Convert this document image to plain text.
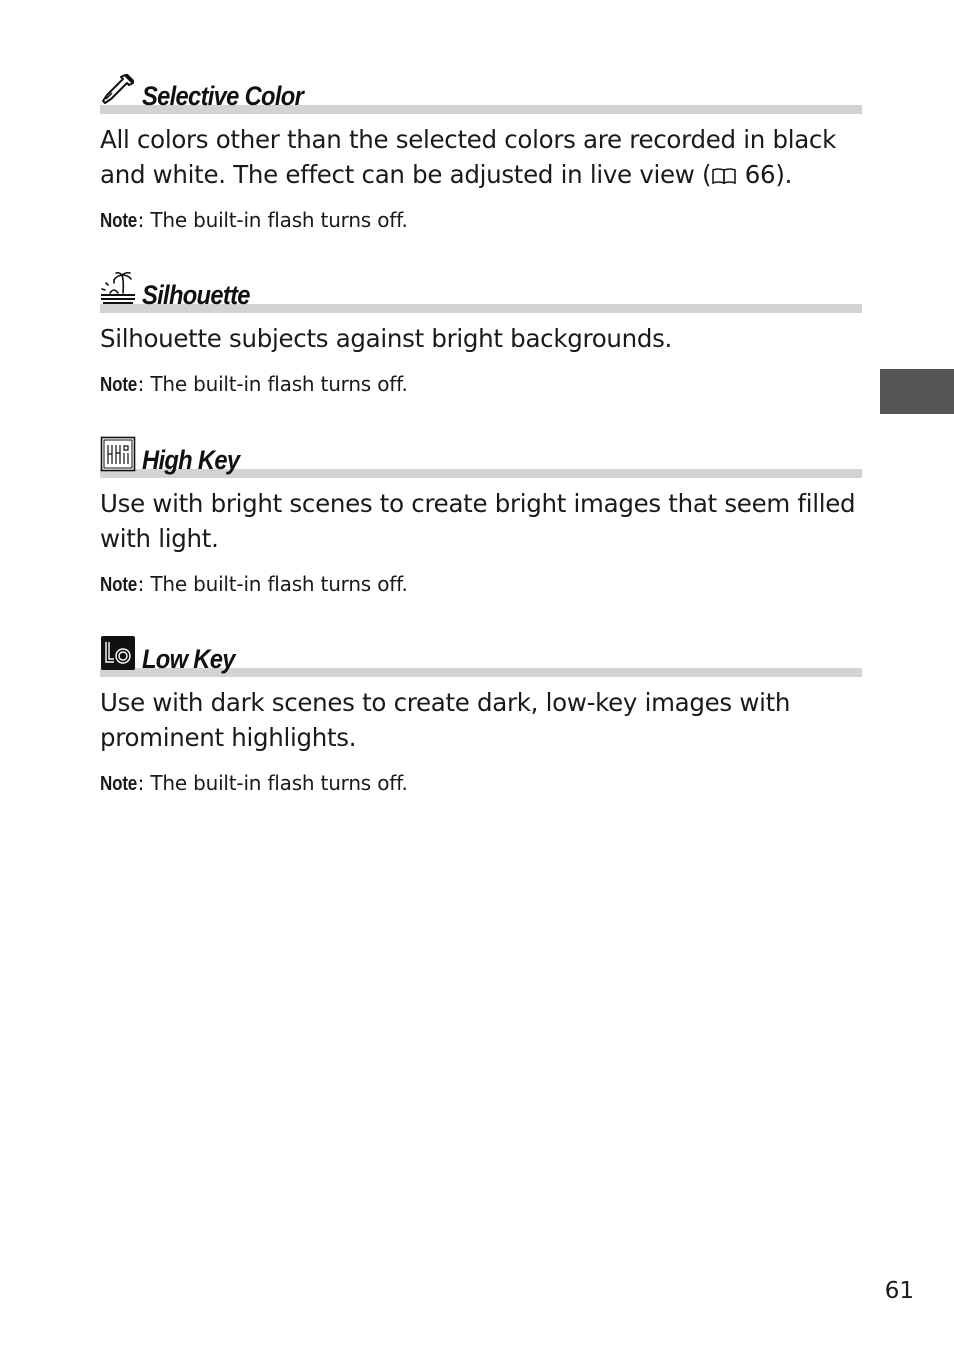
Selective Color

All colors other than the selected colors are recorded in black and white. The effect can be adjusted in live view ( 66).

Note: The built-in flash turns off.

Silhouette

Silhouette subjects against bright backgrounds.

Note: The built-in flash turns off.

High Key

Use with bright scenes to create bright images that seem filled with light.

Note: The built-in flash turns off.

Low Key

Use with dark scenes to create dark, low-key images with prominent highlights.

Note: The built-in flash turns off.

61
